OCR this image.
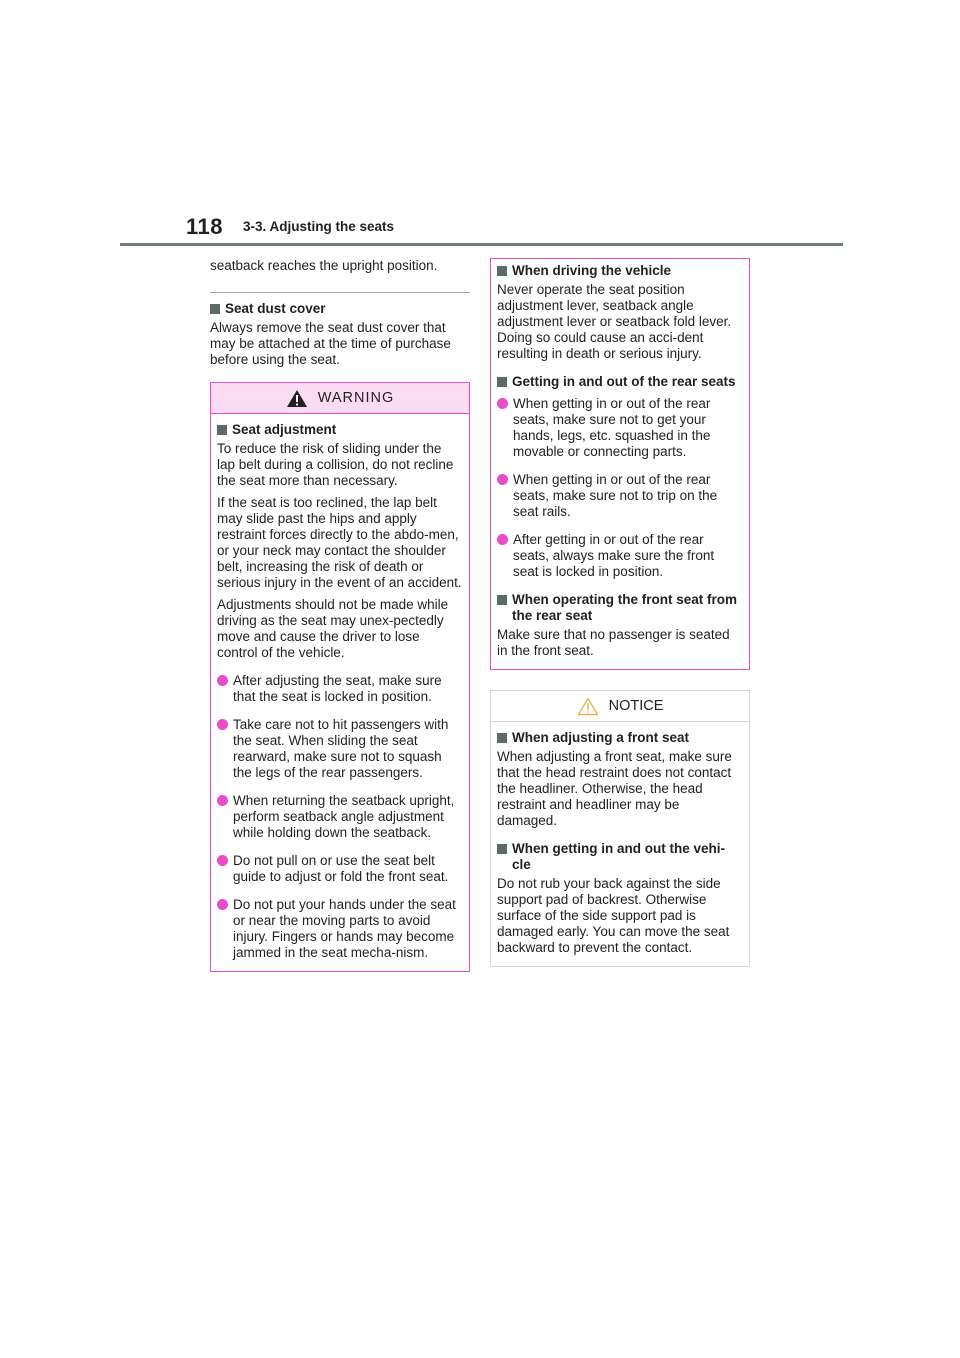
118 3-3. Adjusting the seats

seatback reaches the upright position.

Seat dust cover

Always remove the seat dust cover that may be attached at the time of purchase before using the seat.

WARNING
Seat adjustment

To reduce the risk of sliding under the lap belt during a collision, do not recline the seat more than necessary.

If the seat is too reclined, the lap belt may slide past the hips and apply restraint forces directly to the abdo-men, or your neck may contact the shoulder belt, increasing the risk of death or serious injury in the event of an accident.

Adjustments should not be made while driving as the seat may unex-pectedly move and cause the driver to lose control of the vehicle.

After adjusting the seat, make sure that the seat is locked in position.
Take care not to hit passengers with the seat. When sliding the seat rearward, make sure not to squash the legs of the rear passengers.
When returning the seatback upright, perform seatback angle adjustment while holding down the seatback.
Do not pull on or use the seat belt guide to adjust or fold the front seat.
Do not put your hands under the seat or near the moving parts to avoid injury. Fingers or hands may become jammed in the seat mecha-nism.
When driving the vehicle

Never operate the seat position adjustment lever, seatback angle adjustment lever or seatback fold lever. Doing so could cause an acci-dent resulting in death or serious injury.

Getting in and out of the rear seats
When getting in or out of the rear seats, make sure not to get your hands, legs, etc. squashed in the movable or connecting parts.
When getting in or out of the rear seats, make sure not to trip on the seat rails.
After getting in or out of the rear seats, always make sure the front seat is locked in position.
When operating the front seat from the rear seat

Make sure that no passenger is seated in the front seat.

NOTICE
When adjusting a front seat

When adjusting a front seat, make sure that the head restraint does not contact the headliner. Otherwise, the head restraint and headliner may be damaged.

When getting in and out the vehi-cle

Do not rub your back against the side support pad of backrest. Otherwise surface of the side support pad is damaged early. You can move the seat backward to prevent the contact.
